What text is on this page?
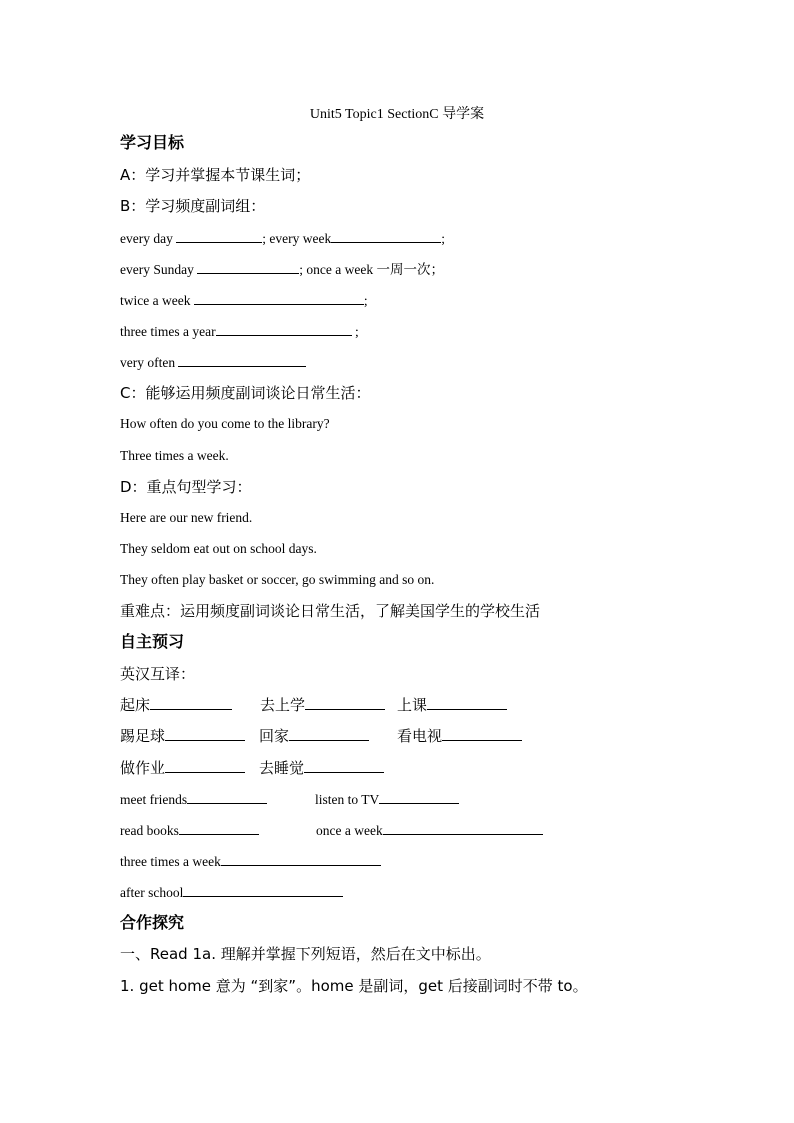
Unit5 Topic1 SectionC 导学案
学习目标
A：学习并掌握本节课生词；
B：学习频度副词组：
every day	; every week	;
every Sunday	; once a week 一周一次；
twice a week	;
three times a year	;
very often
C：能够运用频度副词谈论日常生活：
How often do you come to the library?
Three times a week.
D：重点句型学习：
Here are our new friend.
They seldom eat out on school days.
They often play basket or soccer, go swimming and so on.
重难点：运用频度副词谈论日常生活，了解美国学生的学校生活
自主预习
英汉互译：
起床	去上学	上课
踢足球	回家	看电视
做作业	去睡觉
meet friends	listen to TV
read books	once a week
three times a week
after school
合作探究
一、Read 1a. 理解并掌握下列短语，然后在文中标出。
1. get home 意为 “到家”。home 是副词，get 后接副词时不带 to。
